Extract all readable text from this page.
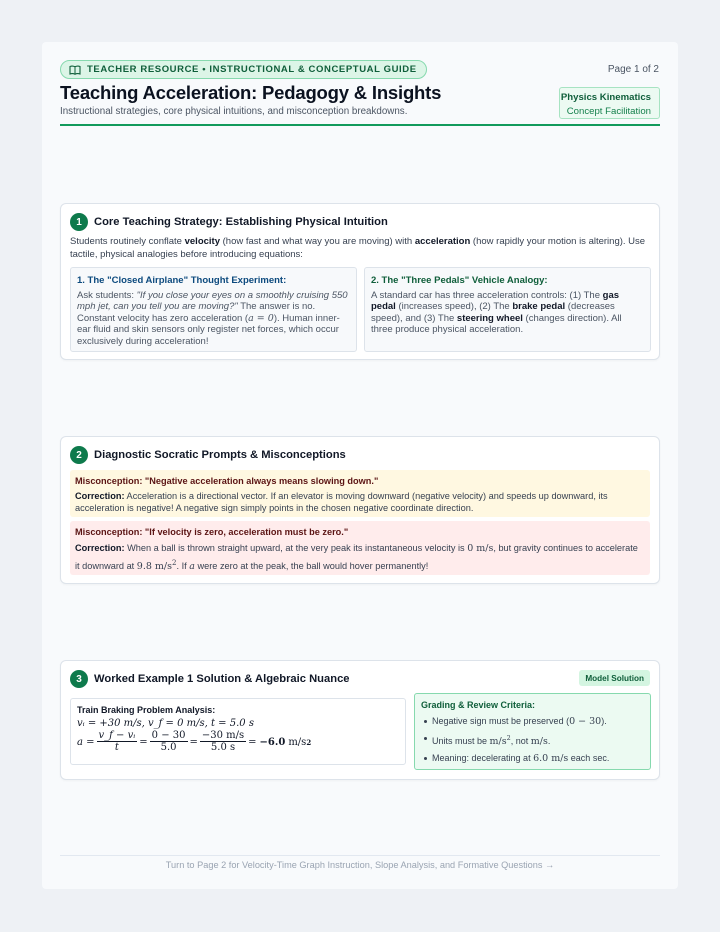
TEACHER RESOURCE • INSTRUCTIONAL & CONCEPTUAL GUIDE	Page 1 of 2
Teaching Acceleration: Pedagogy & Insights
Instructional strategies, core physical intuitions, and misconception breakdowns.
Physics Kinematics
Concept Facilitation
1	Core Teaching Strategy: Establishing Physical Intuition
Students routinely conflate velocity (how fast and what way you are moving) with acceleration (how rapidly your motion is altering). Use tactile, physical analogies before introducing equations:
1. The "Closed Airplane" Thought Experiment:
Ask students: "If you close your eyes on a smoothly cruising 550 mph jet, can you tell you are moving?" The answer is no. Constant velocity has zero acceleration (a = 0). Human inner-ear fluid and skin sensors only register net forces, which occur exclusively during acceleration!
2. The "Three Pedals" Vehicle Analogy:
A standard car has three acceleration controls: (1) The gas pedal (increases speed), (2) The brake pedal (decreases speed), and (3) The steering wheel (changes direction). All three produce physical acceleration.
2	Diagnostic Socratic Prompts & Misconceptions
Misconception: "Negative acceleration always means slowing down."
Correction: Acceleration is a directional vector. If an elevator is moving downward (negative velocity) and speeds up downward, its acceleration is negative! A negative sign simply points in the chosen negative coordinate direction.
Misconception: "If velocity is zero, acceleration must be zero."
Correction: When a ball is thrown straight upward, at the very peak its instantaneous velocity is 0 m/s, but gravity continues to accelerate it downward at 9.8 $m/s^2$. If a were zero at the peak, the ball would hover permanently!
3	Worked Example 1 Solution & Algebraic Nuance	Model Solution
Train Braking Problem Analysis:
vᵢ = +30 m/s, v_f = 0 m/s, t = 5.0 s
$a = \frac{\text{v\_f − vᵢ}}{t} = \frac{0 - 30}{5.0} = \frac{-30 m/s}{5.0 s} = -6.0$ m/s 2
Grading & Review Criteria:
Negative sign must be preserved (0 − 30).
Units must be $m/s^2$, not m/s.
Meaning: decelerating at 6.0 m/s each sec.
Turn to Page 2 for Velocity-Time Graph Instruction, Slope Analysis, and Formative Questions →
